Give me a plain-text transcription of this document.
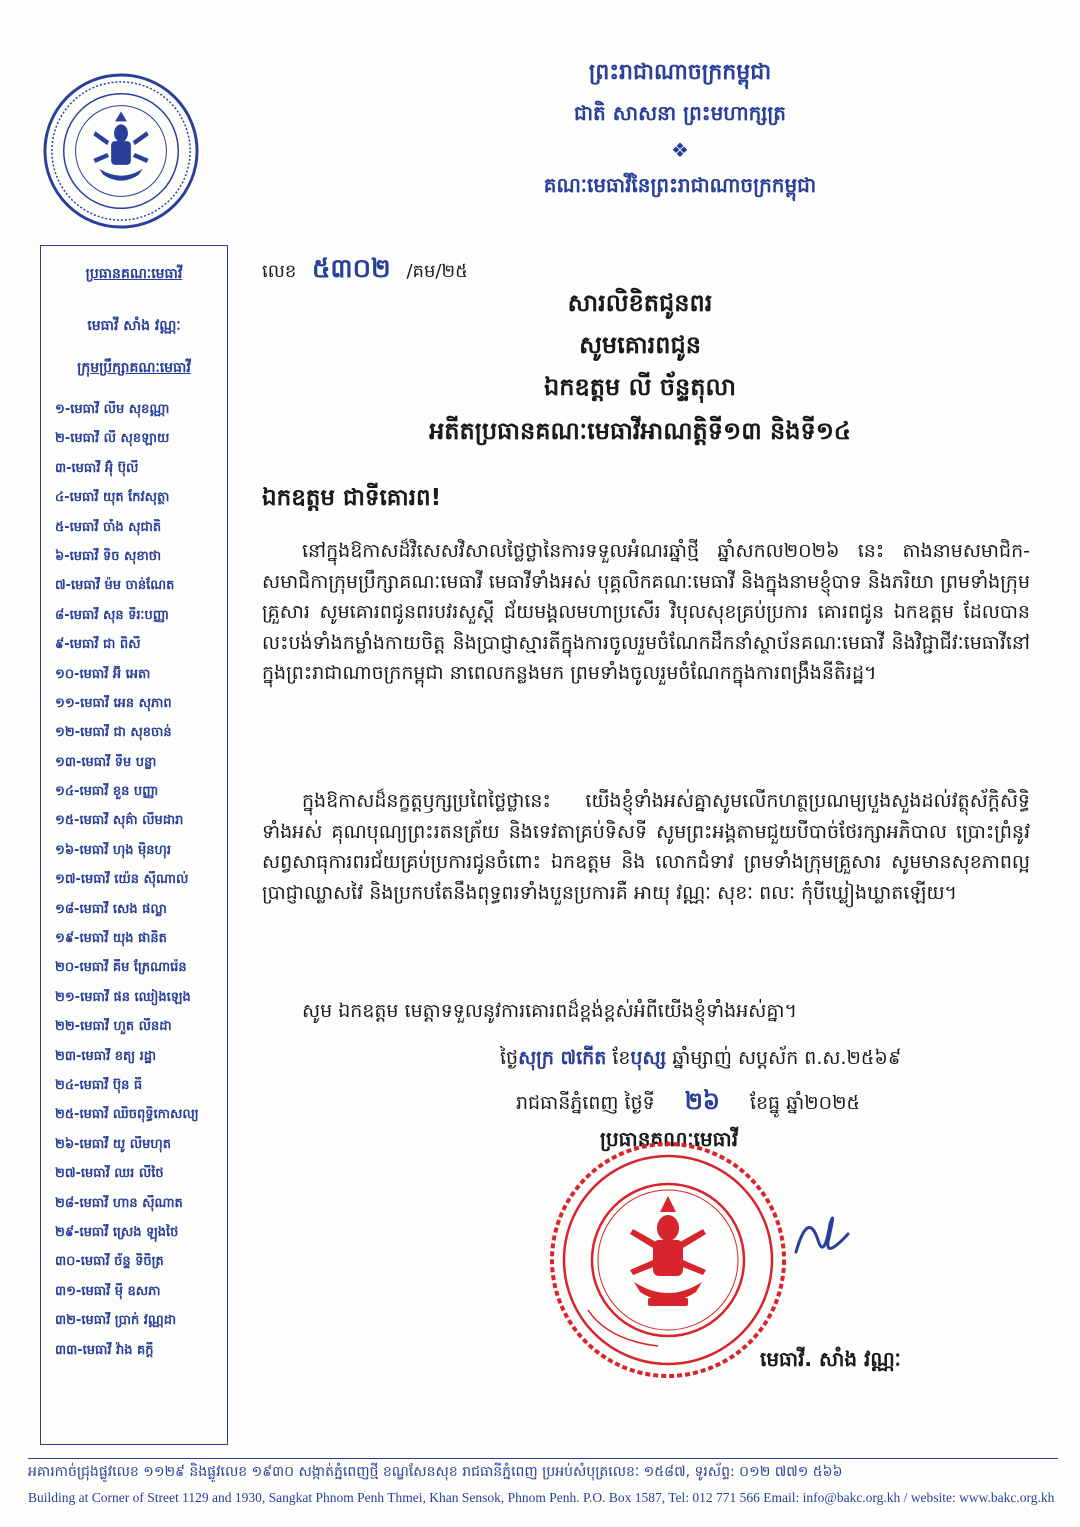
ព្រះរាជាណាចក្រកម្ពុជា
ជាតិ សាសនា ព្រះមហាក្សត្រ
❖
គណៈមេធាវីនៃព្រះរាជាណាចក្រកម្ពុជា
ប្រធានគណៈមេធាវី
មេធាវី សាំង វណ្ណៈ
ក្រុមប្រឹក្សាគណៈមេធាវី
១-មេធាវី លីម សុខណ្ណា
២-មេធាវី លី សុខឡាយ
៣-មេធាវី អ៊ុំ ប៊ុលី
៤-មេធាវី យុត កែវសុត្ថា
៥-មេធាវី ចាំង សុជាតិ
៦-មេធាវី ទិច សុខាថា
៧-មេធាវី ម៉ម ចាន់ណែត
៨-មេធាវី សុន ទីរៈបញ្ញា
៩-មេធាវី ជា ពិសី
១០-មេធាវី អ៊ី អេតា
១១-មេធាវី អេន សុភាព
១២-មេធាវី ជា សុខចាន់
១៣-មេធាវី ទឹម បន្លា
១៤-មេធាវី ខួន បញ្ញា
១៥-មេធាវី សុគ៌ា លីមដារា
១៦-មេធាវី ហុង ម៉ិនហុរ
១៧-មេធាវី យ៉េន ស៊ីណាល់
១៨-មេធាវី សេង ផល្លា
១៩-មេធាវី យុង ផានិត
២០-មេធាវី គឹម ភ្រែណារ៉េន
២១-មេធាវី ផន ឈៀងឡេង
២២-មេធាវី ហួត លីនដា
២៣-មេធាវី ខត្យ រដ្ឋា
២៤-មេធាវី ប៊ុន ធី
២៥-មេធាវី ឈិចពុទ្ធិកោសល្យ
២៦-មេធាវី យូ លីមហុត
២៧-មេធាវី ឈរ លីថៃ
២៨-មេធាវី ហាន ស៊ីណាត
២៩-មេធាវី ស្រេង ឡុងថៃ
៣០-មេធាវី ច័ន្ទ ទិចិត្រ
៣១-មេធាវី ម៉ី ឧសភា
៣២-មេធាវី ប្រាក់ វណ្ណដា
៣៣-មេធាវី វ៉ាង គក្តី
លេខ ៥៣០២ /គម/២៥
សារលិខិតជូនពរ
សូមគោរពជូន
ឯកឧត្តម លី ច័ន្ទតុលា
អតីតប្រធានគណៈមេធាវីអាណត្តិទី១៣ និងទី១៤
ឯកឧត្តម ជាទីគោរព!

នៅក្នុងឱកាសដ៏វិសេសវិសាលថ្លៃថ្លានៃការទទួលអំណរឆ្នាំថ្មី ឆ្នាំសកល២០២៦ នេះ តាងនាមសមាជិក-សមាជិកាក្រុមប្រឹក្សាគណៈមេធាវី មេធាវីទាំងអស់ បុគ្គលិកគណៈមេធាវី និងក្នុងនាមខ្ញុំបាទ និងភរិយា ព្រមទាំងក្រុមគ្រួសារ សូមគោរពជូនពរបវរសួស្តី ជ័យមង្គលមហាប្រសើរ វិបុលសុខគ្រប់ប្រការ គោរពជូន ឯកឧត្តម ដែលបានលះបង់ទាំងកម្លាំងកាយចិត្ត និងប្រាជ្ញាស្មារតីក្នុងការចូលរួមចំណែកដឹកនាំស្ថាប័នគណៈមេធាវី និងវិជ្ជាជីវៈមេធាវីនៅក្នុងព្រះរាជាណាចក្រកម្ពុជា នាពេលកន្លងមក ព្រមទាំងចូលរួមចំណែកក្នុងការពង្រឹងនីតិរដ្ឋ។

ក្នុងឱកាសដ៏នក្ខត្តឫក្សប្រពៃថ្លៃថ្លានេះ យើងខ្ញុំទាំងអស់គ្នាសូមលើកហត្ថប្រណម្យបួងសួងដល់វត្ថុស័ក្តិសិទ្ធិទាំងអស់ គុណបុណ្យព្រះរតនត្រ័យ និងទេវតាគ្រប់ទិសទី សូមព្រះអង្គតាមជួយបីបាច់ថែរក្សាអភិបាល ប្រោះព្រំនូវសព្វសាធុការពរជ័យគ្រប់ប្រការជូនចំពោះ ឯកឧត្តម និង លោកជំទាវ ព្រមទាំងក្រុមគ្រួសារ សូមមានសុខភាពល្អ ប្រាជ្ញាឈ្លាសវៃ និងប្រកបតែនឹងពុទ្ធពរទាំងបួនប្រការគឺ អាយុ វណ្ណៈ សុខៈ ពលៈ កុំបីឃ្លៀងឃ្លាតឡើយ។

សូម ឯកឧត្តម មេត្តាទទួលនូវការគោរពដ៏ខ្ពង់ខ្ពស់អំពីយើងខ្ញុំទាំងអស់គ្នា។

ថ្ងៃសុក្រ ៧កើត ខែបុស្ស ឆ្នាំម្សាញ់ សប្តស័ក ព.ស.២៥៦៩
រាជធានីភ្នំពេញ ថ្ងៃទី ២៦ ខែធ្នូ ឆ្នាំ២០២៥
ប្រធានគណៈមេធាវី
មេធាវី. សាំង វណ្ណៈ
អគារកាច់ជ្រុងផ្លូវលេខ ១១២៩ និងផ្លូវលេខ ១៩៣០ សង្កាត់ភ្នំពេញថ្មី ខណ្ឌសែនសុខ រាជធានីភ្នំពេញ ប្រអប់សំបុត្រលេខៈ ១៥៨៧, ទូរស័ព្ទ: ០១២ ៧៧១ ៥៦៦
Building at Corner of Street 1129 and 1930, Sangkat Phnom Penh Thmei, Khan Sensok, Phnom Penh. P.O. Box 1587, Tel: 012 771 566 Email: info@bakc.org.kh / website: www.bakc.org.kh
